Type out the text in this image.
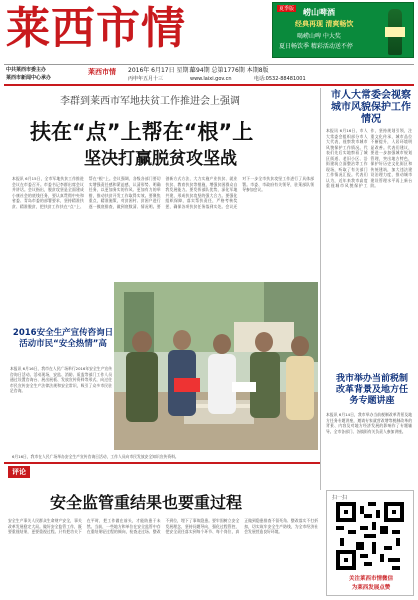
莱西市情	夏季版 崂山啤酒
经典再现 清爽畅饮
喝崂山啤 中大奖
夏日畅饮季 精彩活动送不停
中共莱西市委主办
莱西市新闻中心承办
莱西市情 2016年 6月17日 星期五
丙申年五月十三
第94期 总第1776期 本期8版
www.laixi.gov.cn	电话:0532-88481001
李群到莱西市军地扶贫工作推进会上强调
扶在“点”上帮在“根”上
坚决打赢脱贫攻坚战
本报讯 6月15日，全市军地扶贫工作推进会议在市委召开。市委书记李群出席会议并讲话。会议指出，脱贫攻坚是全面建成小康社会的底线任务，要认真贯彻中央和省委、青岛市委的部署要求，坚持精准扶贫、精准脱贫，把扶贫工作扶在“点”上、帮在“根”上。会议强调，各级各部门要切实增强责任感和紧迫感，认清形势、明确任务，以更加务实的作风、更加有力的举措，推动扶贫开发工作取得实效。要聚焦重点，精准施策，对贫困村、贫困户进行逐一摸底排查，做到底数清、情况明。要创新方式方法，大力实施产业扶贫、就业扶贫、教育扶贫等措施，增强贫困群众自我发展能力。要发挥部队优势，深化军地共建，形成扶贫攻坚的强大合力。要强化组织保障，落实帮扶责任，严格考核奖惩，确保各项扶贫任务落到实处。会议还对下一步全市扶贫攻坚工作进行了具体部署。市委、市政府有关领导，驻莱部队领导参加会议。
市人大常委会视察城市风貌保护工作情况
本报讯 6月16日，市人大常委会组织部分市人大代表，视察我市城市风貌保护工作情况。代表们先后实地察看了城区街道、老旧小区、沿街建筑立面整治等工作现场，听取了有关部门工作情况汇报。代表们认为，近年来我市高度重视城市风貌保护工作，坚持规划引领，注重文化传承，城市品位不断提升，人居环境明显改善。代表们建议，要进一步加强城市规划管理，突出地方特色，保护好历史文化街区和传统建筑，加大违法建设治理力度，推动城市建设管理水平再上新台阶。
我市举办当前税制改革背景及地方任务专题讲座
本报讯 6月14日，我市举办当前税制改革背景及地方任务专题讲座，邀请专家就营改增等税制改革的背景、内容及对地方经济发展的影响作了专题辅导。全市各部门、各镇街有关负责人参加讲座。
2016安全生产宣传咨询日活动市民“安全热情”高
本报讯 6月16日，我市在人民广场举行2016年安全生产宣传咨询日活动。活动现场，安监、消防、质监等部门工作人员通过设置咨询台、展出展板、发放宣传资料等形式，向过往市民宣传安全生产法律法规和安全常识，吸引了众多市民驻足咨询。
6月16日，我市在人民广场举办安全生产宣传咨询日活动，工作人员向市民发放安全知识宣传资料。
评论
安全监管重结果也要重过程
安全生产事关人民群众生命财产安全，事关改革发展稳定大局。做好安全监管工作，既要重视结果，更要重视过程。只有把功夫下在平时，把工作做在前头，才能防患于未然。当前，一些地方和单位在安全监管中存在重结果轻过程的倾向，检查走过场、整改不到位，埋下了事故隐患。要牢固树立安全发展理念，坚持问题导向，强化过程管控，把安全责任落实到每个环节、每个岗位，真正做到隐患排查不留死角、整改落实不打折扣，切实筑牢安全生产防线，为全市经济社会发展营造良好环境。
扫一扫
关注莱西市情微信
为莱西发展点赞
